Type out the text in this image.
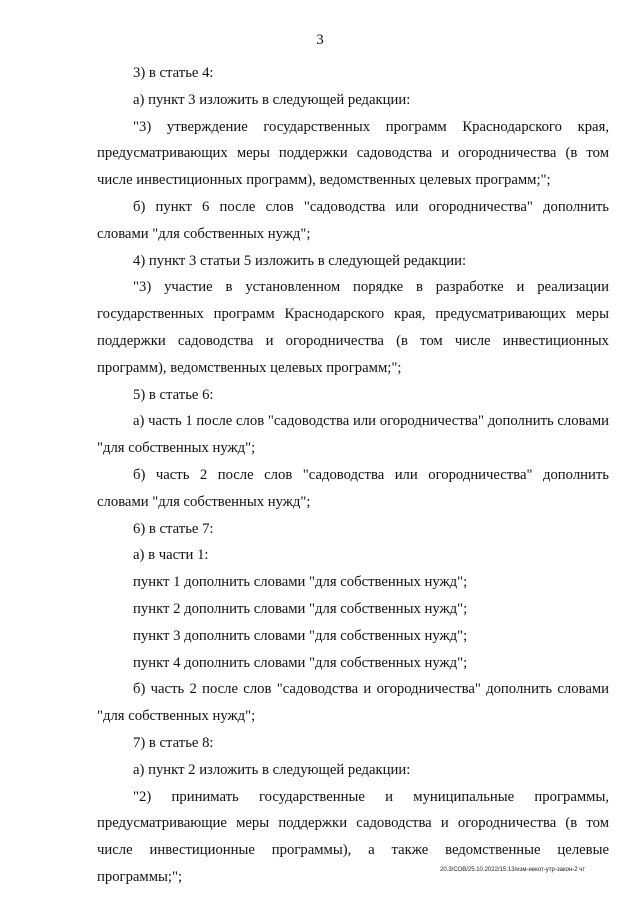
3

3) в статье 4:

а) пункт 3 изложить в следующей редакции:

"3) утверждение государственных программ Краснодарского края, предусматривающих меры поддержки садоводства и огородничества (в том числе инвестиционных программ), ведомственных целевых программ;";

б) пункт 6 после слов "садоводства или огородничества" дополнить словами "для собственных нужд";

4) пункт 3 статьи 5 изложить в следующей редакции:

"3) участие в установленном порядке в разработке и реализации государственных программ Краснодарского края, предусматривающих меры поддержки садоводства и огородничества (в том числе инвестиционных программ), ведомственных целевых программ;";

5) в статье 6:

а) часть 1 после слов "садоводства или огородничества" дополнить словами "для собственных нужд";

б) часть 2 после слов "садоводства или огородничества" дополнить словами "для собственных нужд";

6) в статье 7:

а) в части 1:

пункт 1 дополнить словами "для собственных нужд";

пункт 2 дополнить словами "для собственных нужд";

пункт 3 дополнить словами "для собственных нужд";

пункт 4 дополнить словами "для собственных нужд";

б) часть 2 после слов "садоводства и огородничества" дополнить словами "для собственных нужд";

7) в статье 8:

а) пункт 2 изложить в следующей редакции:

"2) принимать государственные и муниципальные программы, предусматривающие меры поддержки садоводства и огородничества (в том числе инвестиционные программы), а также ведомственные целевые программы;";	20.3/СОВ/25.10.2022/15:13/изм-некот-утр-закон-2 чт
